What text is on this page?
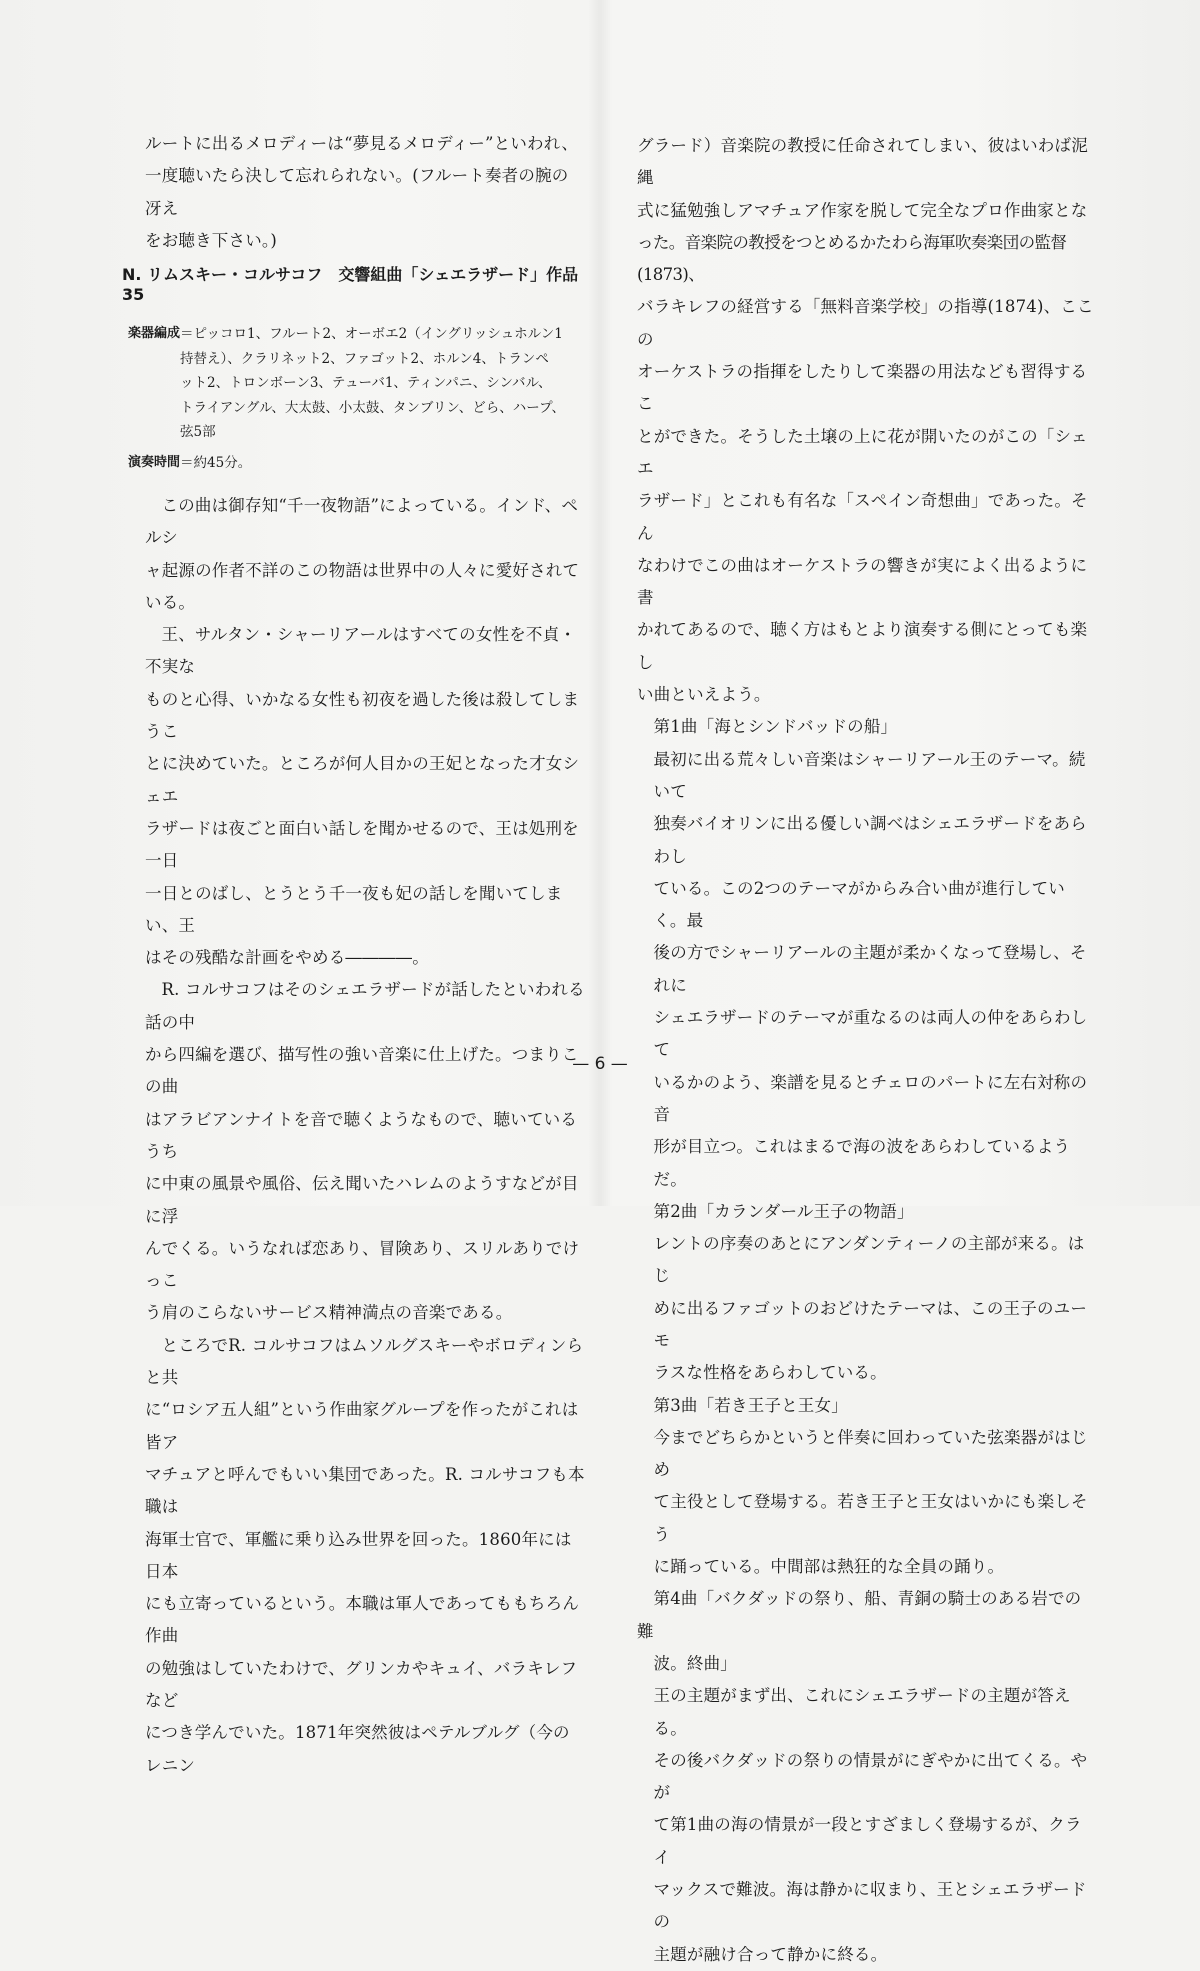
ルートに出るメロディーは“夢見るメロディー”といわれ、

一度聴いたら決して忘れられない。(フルート奏者の腕の冴え

をお聴き下さい。)

N. リムスキー・コルサコフ　交響組曲「シェエラザード」作品35
楽器編成 ＝ピッコロ1、フルート2、オーボエ2（イングリッシュホルン1
持替え）、クラリネット2、ファゴット2、ホルン4、トランペ
ット2、トロンボーン3、テューバ1、ティンパニ、シンバル、
トライアングル、大太鼓、小太鼓、タンブリン、どら、ハープ、
弦5部
演奏時間 ＝約45分。

この曲は御存知“千一夜物語”によっている。インド、ペルシ

ャ起源の作者不詳のこの物語は世界中の人々に愛好されている。

王、サルタン・シャーリアールはすべての女性を不貞・不実な

ものと心得、いかなる女性も初夜を過した後は殺してしまうこ

とに決めていた。ところが何人目かの王妃となった才女シェエ

ラザードは夜ごと面白い話しを聞かせるので、王は処刑を一日

一日とのばし、とうとう千一夜も妃の話しを聞いてしまい、王

はその残酷な計画をやめる――――。

R. コルサコフはそのシェエラザードが話したといわれる話の中

から四編を選び、描写性の強い音楽に仕上げた。つまりこの曲

はアラビアンナイトを音で聴くようなもので、聴いているうち

に中東の風景や風俗、伝え聞いたハレムのようすなどが目に浮

んでくる。いうなれば恋あり、冒険あり、スリルありでけっこ

う肩のこらないサービス精神満点の音楽である。

ところでR. コルサコフはムソルグスキーやボロディンらと共

に“ロシア五人組”という作曲家グループを作ったがこれは皆ア

マチュアと呼んでもいい集団であった。R. コルサコフも本職は

海軍士官で、軍艦に乗り込み世界を回った。1860年には日本

にも立寄っているという。本職は軍人であってももちろん作曲

の勉強はしていたわけで、グリンカやキュイ、バラキレフなど

につき学んでいた。1871年突然彼はペテルブルグ（今のレニン

グラード）音楽院の教授に任命されてしまい、彼はいわば泥縄

式に猛勉強しアマチュア作家を脱して完全なプロ作曲家とな

った。音楽院の教授をつとめるかたわら海軍吹奏楽団の監督(1873)、

バラキレフの経営する「無料音楽学校」の指導(1874)、ここの

オーケストラの指揮をしたりして楽器の用法なども習得するこ

とができた。そうした土壌の上に花が開いたのがこの「シェエ

ラザード」とこれも有名な「スペイン奇想曲」であった。そん

なわけでこの曲はオーケストラの響きが実によく出るように書

かれてあるので、聴く方はもとより演奏する側にとっても楽し

い曲といえよう。

第1曲「海とシンドバッドの船」

最初に出る荒々しい音楽はシャーリアール王のテーマ。続いて

独奏バイオリンに出る優しい調べはシェエラザードをあらわし

ている。この2つのテーマがからみ合い曲が進行していく。最

後の方でシャーリアールの主題が柔かくなって登場し、それに

シェエラザードのテーマが重なるのは両人の仲をあらわして

いるかのよう、楽譜を見るとチェロのパートに左右対称の音

形が目立つ。これはまるで海の波をあらわしているようだ。

第2曲「カランダール王子の物語」

レントの序奏のあとにアンダンティーノの主部が来る。はじ

めに出るファゴットのおどけたテーマは、この王子のユーモ

ラスな性格をあらわしている。

第3曲「若き王子と王女」

今までどちらかというと伴奏に回わっていた弦楽器がはじめ

て主役として登場する。若き王子と王女はいかにも楽しそう

に踊っている。中間部は熱狂的な全員の踊り。

第4曲「バクダッドの祭り、船、青銅の騎士のある岩での難

波。終曲」

王の主題がまず出、これにシェエラザードの主題が答える。

その後バクダッドの祭りの情景がにぎやかに出てくる。やが

て第1曲の海の情景が一段とすざましく登場するが、クライ

マックスで難波。海は静かに収まり、王とシェエラザードの

主題が融け合って静かに終る。

— 6 —
